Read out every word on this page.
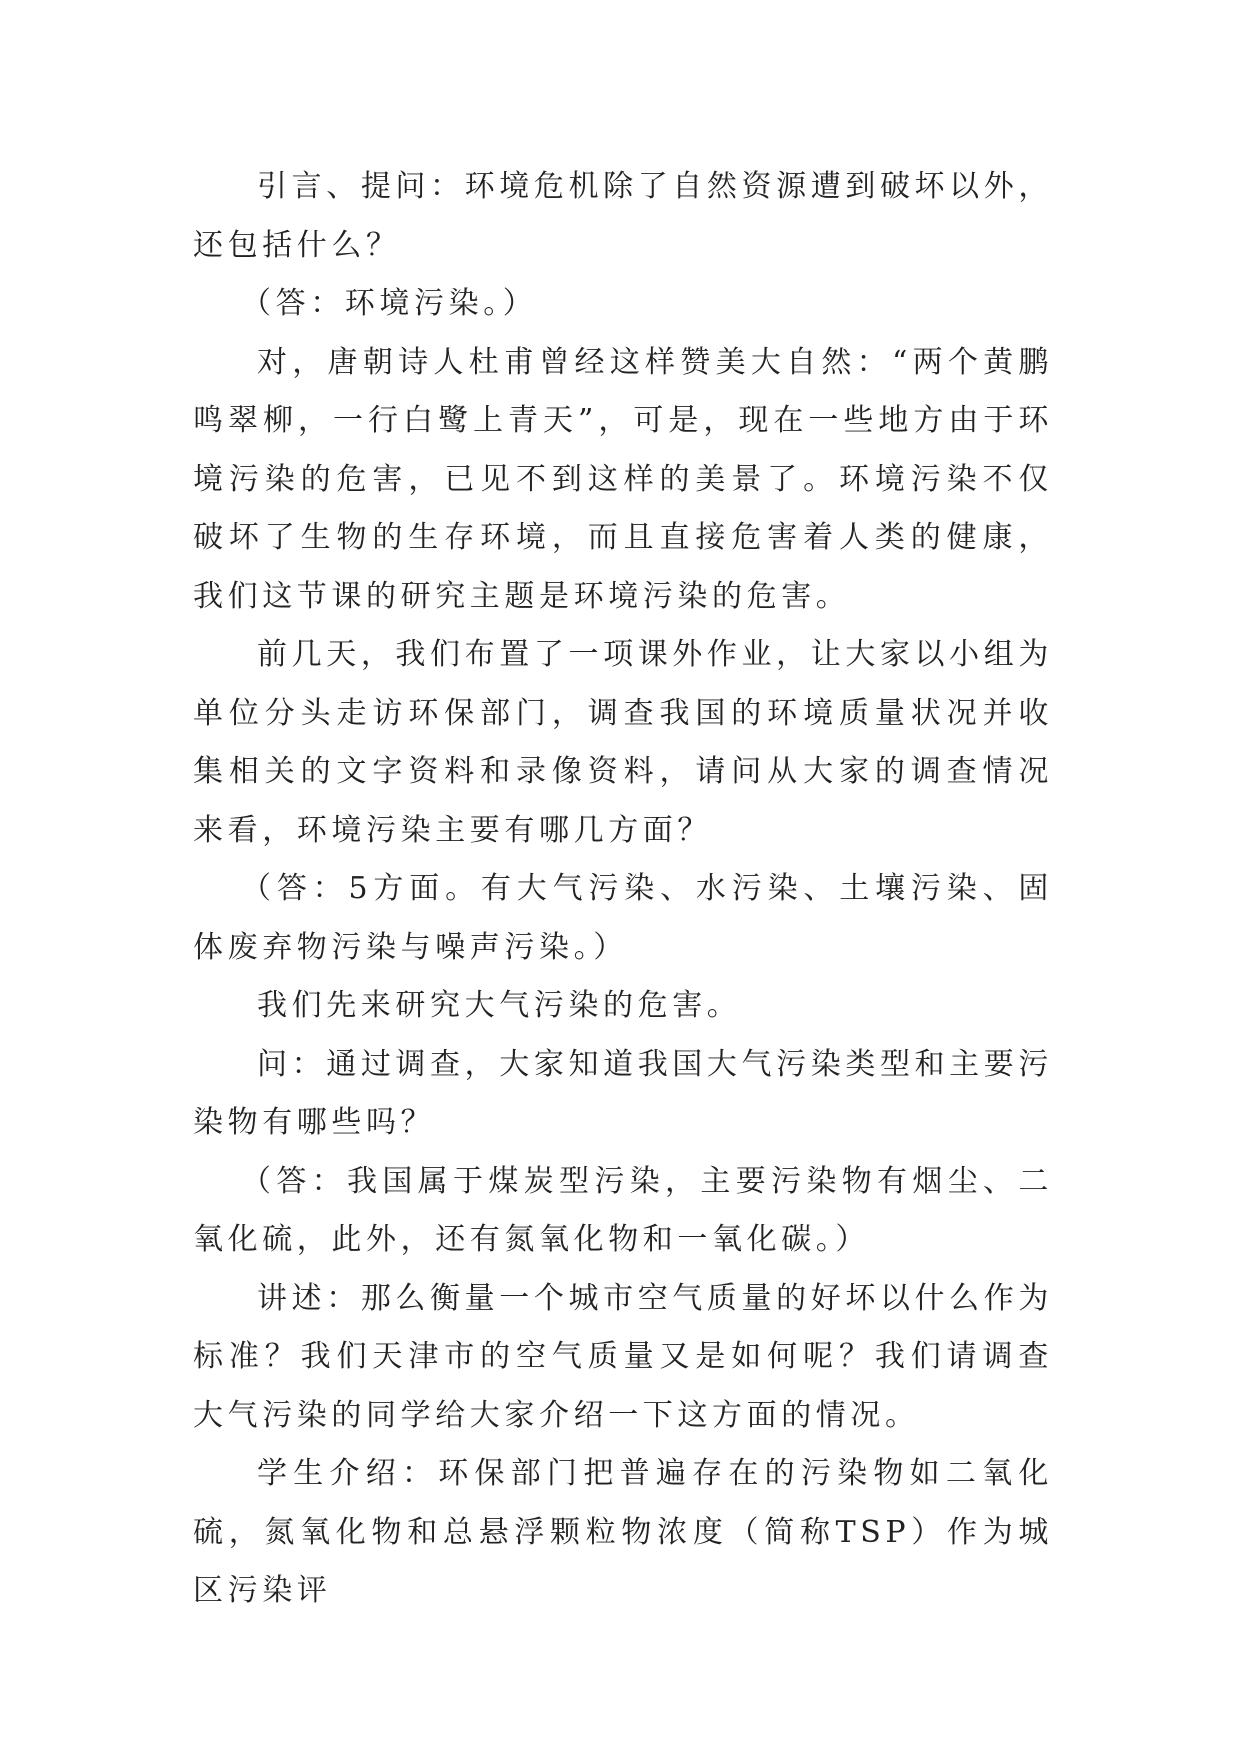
引言、提问：环境危机除了自然资源遭到破坏以外，还包括什么？

（答：环境污染。）

对，唐朝诗人杜甫曾经这样赞美大自然：“两个黄鹏鸣翠柳，一行白鹭上青天”，可是，现在一些地方由于环境污染的危害，已见不到这样的美景了。环境污染不仅破坏了生物的生存环境，而且直接危害着人类的健康，我们这节课的研究主题是环境污染的危害。

前几天，我们布置了一项课外作业，让大家以小组为单位分头走访环保部门，调查我国的环境质量状况并收集相关的文字资料和录像资料，请问从大家的调查情况来看，环境污染主要有哪几方面？

（答：5方面。有大气污染、水污染、土壤污染、固体废弃物污染与噪声污染。）

我们先来研究大气污染的危害。

问：通过调查，大家知道我国大气污染类型和主要污染物有哪些吗？

（答：我国属于煤炭型污染，主要污染物有烟尘、二氧化硫，此外，还有氮氧化物和一氧化碳。）

讲述：那么衡量一个城市空气质量的好坏以什么作为标准？我们天津市的空气质量又是如何呢？我们请调查大气污染的同学给大家介绍一下这方面的情况。

学生介绍：环保部门把普遍存在的污染物如二氧化硫，氮氧化物和总悬浮颗粒物浓度（简称TSP）作为城区污染评
